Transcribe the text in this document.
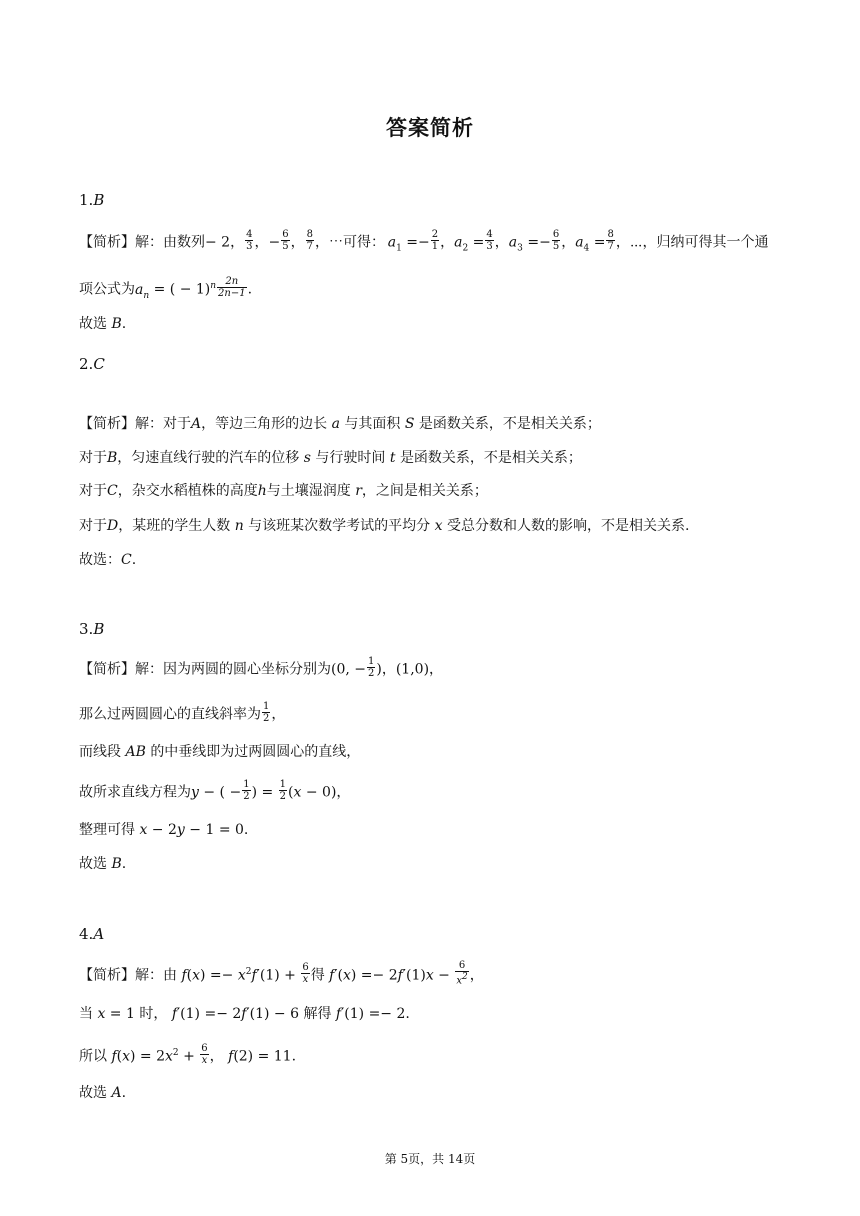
答案简析
1.B
【简析】解：由数列− 2， $\frac{4}{3}$ ，− $\frac{6}{5}$ ， $\frac{8}{7}$ ，⋯可得：  $a_1 =- \frac{2}{1}$ ，$a_2 = \frac{4}{3}$ ，$a_3 =- \frac{6}{5}$ ，$a_4 = \frac{8}{7}$ ，⋯，归纳可得其一个通
项公式为$a_n$ = ( − $1)^n \frac{2n}{2n-1}$ .
故选 B.
2.C
【简析】解：对于A，等边三角形的边长 a 与其面积 S 是函数关系，不是相关关系；
对于B，匀速直线行驶的汽车的位移 s 与行驶时间 t 是函数关系，不是相关关系；
对于C，杂交水稻植株的高度h与土壤湿润度 r，之间是相关关系；
对于D，某班的学生人数 n 与该班某次数学考试的平均分 x 受总分数和人数的影响，不是相关关系.
故选：C.
3.B
【简析】解：因为两圆的圆心坐标分别为(0, − $\frac{1}{2}$ )，(1,0)，
那么过两圆圆心的直线斜率为 $\frac{1}{2}$ ，
而线段 AB 的中垂线即为过两圆圆心的直线，
故所求直线方程为y − ( − $\frac{1}{2}$ ) = $\frac{1}{2} (x - 0)$，
整理可得 x − 2y − 1 = 0.
故选 B.
4.A
【简析】解：由 $f(x) =- x^2f'(1) + \frac{6}{x}$ 得 $f'(x) =- 2f'(1)x - \frac{6}{x^2}$ ，
当 x = 1 时， f′(1) =− 2f′(1) − 6 解得 f′(1) =− 2.
所以 $f(x) = 2x^2 + \frac{6}{x}$ ， f(2) = 11.
故选 A.
第 5页，共 14页
